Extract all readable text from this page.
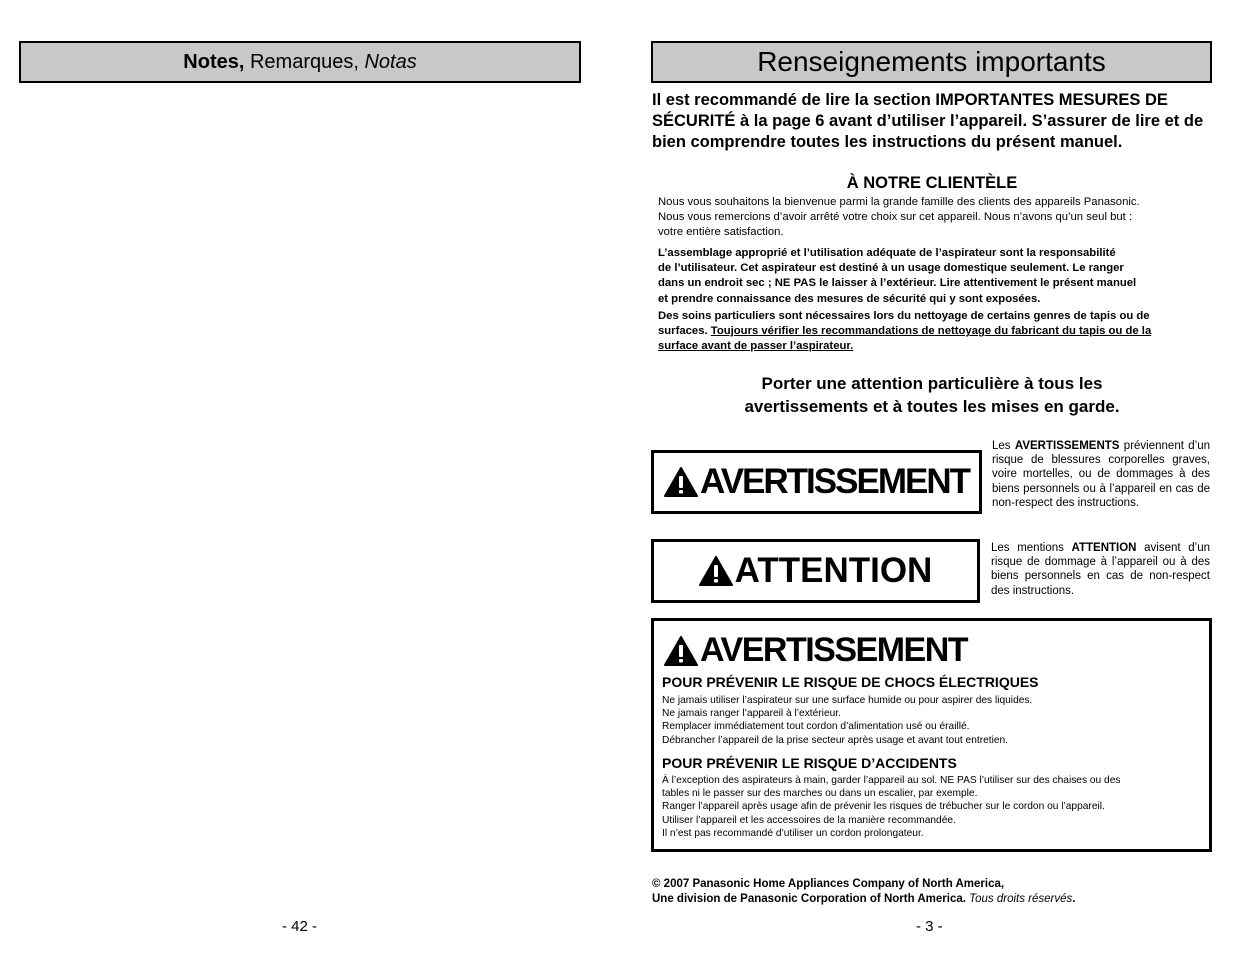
Notes, Remarques, Notas
- 42 -
Renseignements importants
Il est recommandé de lire la section IMPORTANTES MESURES DE SÉCURITÉ à la page 6 avant d’utiliser l’appareil. S’assurer de lire et de bien comprendre toutes les instructions du présent manuel.
À NOTRE CLIENTÈLE

Nous vous souhaitons la bienvenue parmi la grande famille des clients des appareils Panasonic.
Nous vous remercions d’avoir arrêté votre choix sur cet appareil. Nous n’avons qu’un seul but :
votre entière satisfaction.

L’assemblage approprié et l’utilisation adéquate de l’aspirateur sont la responsabilité
de l’utilisateur. Cet aspirateur est destiné à un usage domestique seulement. Le ranger
dans un endroit sec ; NE PAS le laisser à l’extérieur. Lire attentivement le présent manuel
et prendre connaissance des mesures de sécurité qui y sont exposées.

Des soins particuliers sont nécessaires lors du nettoyage de certains genres de tapis ou de
surfaces. Toujours vérifier les recommandations de nettoyage du fabricant du tapis ou de la
surface avant de passer l’aspirateur.

Porter une attention particulière à tous les
avertissements et à toutes les mises en garde.
AVERTISSEMENT

Les AVERTISSEMENTS préviennent d’un risque de blessures corporelles graves, voire mortelles, ou de dommages à des biens personnels ou à l’appareil en cas de non-respect des instructions.

ATTENTION

Les mentions ATTENTION avisent d’un risque de dommage à l’appareil ou à des biens personnels en cas de non-respect des instructions.

AVERTISSEMENT
POUR PRÉVENIR LE RISQUE DE CHOCS ÉLECTRIQUES
Ne jamais utiliser l’aspirateur sur une surface humide ou pour aspirer des liquides.
Ne jamais ranger l’appareil à l’extérieur.
Remplacer immédiatement tout cordon d’alimentation usé ou éraillé.
Débrancher l’appareil de la prise secteur après usage et avant tout entretien.
POUR PRÉVENIR LE RISQUE D’ACCIDENTS
À l’exception des aspirateurs à main, garder l’appareil au sol. NE PAS l’utiliser sur des chaises ou des
tables ni le passer sur des marches ou dans un escalier, par exemple.
Ranger l’appareil après usage afin de prévenir les risques de trébucher sur le cordon ou l’appareil.
Utiliser l’appareil et les accessoires de la manière recommandée.
Il n’est pas recommandé d’utiliser un cordon prolongateur.
© 2007 Panasonic Home Appliances Company of North America,
Une division de Panasonic Corporation of North America. Tous droits réservés.
- 3 -
